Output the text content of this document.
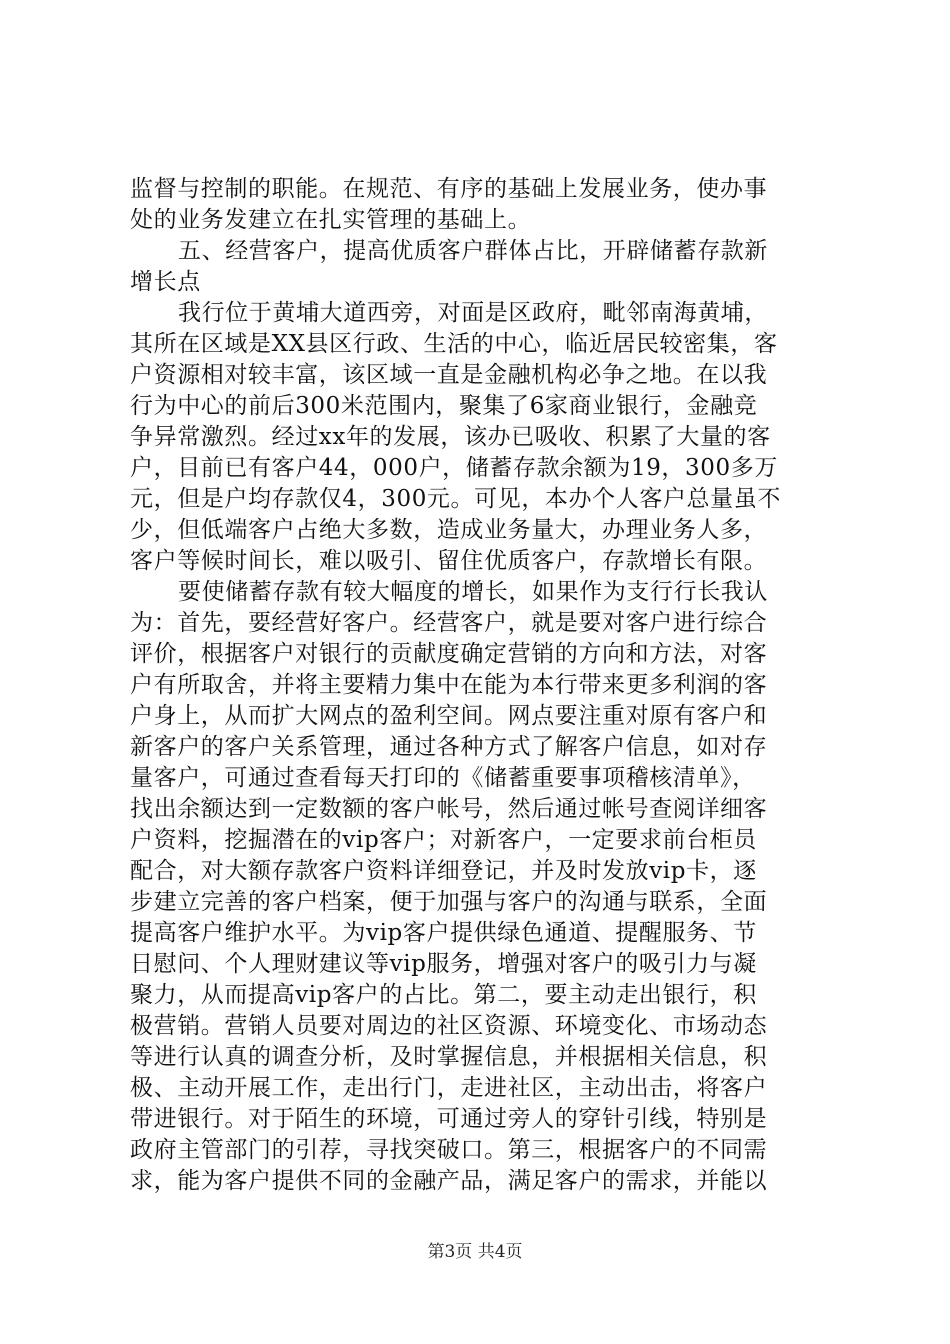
监督与控制的职能。在规范、有序的基础上发展业务，使办事
处的业务发建立在扎实管理的基础上。
五、经营客户，提高优质客户群体占比，开辟储蓄存款新
增长点
我行位于黄埔大道西旁，对面是区政府，毗邻南海黄埔，
其所在区域是XX县区行政、生活的中心，临近居民较密集，客
户资源相对较丰富，该区域一直是金融机构必争之地。在以我
行为中心的前后300米范围内，聚集了6家商业银行，金融竞
争异常激烈。经过xx年的发展，该办已吸收、积累了大量的客
户，目前已有客户44，000户，储蓄存款余额为19，300多万
元，但是户均存款仅4，300元。可见，本办个人客户总量虽不
少，但低端客户占绝大多数，造成业务量大，办理业务人多，
客户等候时间长，难以吸引、留住优质客户，存款增长有限。
要使储蓄存款有较大幅度的增长，如果作为支行行长我认
为：首先，要经营好客户。经营客户，就是要对客户进行综合
评价，根据客户对银行的贡献度确定营销的方向和方法，对客
户有所取舍，并将主要精力集中在能为本行带来更多利润的客
户身上，从而扩大网点的盈利空间。网点要注重对原有客户和
新客户的客户关系管理，通过各种方式了解客户信息，如对存
量客户，可通过查看每天打印的《储蓄重要事项稽核清单》，
找出余额达到一定数额的客户帐号，然后通过帐号查阅详细客
户资料，挖掘潜在的vip客户；对新客户，一定要求前台柜员
配合，对大额存款客户资料详细登记，并及时发放vip卡，逐
步建立完善的客户档案，便于加强与客户的沟通与联系，全面
提高客户维护水平。为vip客户提供绿色通道、提醒服务、节
日慰问、个人理财建议等vip服务，增强对客户的吸引力与凝
聚力，从而提高vip客户的占比。第二，要主动走出银行，积
极营销。营销人员要对周边的社区资源、环境变化、市场动态
等进行认真的调查分析，及时掌握信息，并根据相关信息，积
极、主动开展工作，走出行门，走进社区，主动出击，将客户
带进银行。对于陌生的环境，可通过旁人的穿针引线，特别是
政府主管部门的引荐，寻找突破口。第三，根据客户的不同需
求，能为客户提供不同的金融产品，满足客户的需求，并能以
第3页 共4页
